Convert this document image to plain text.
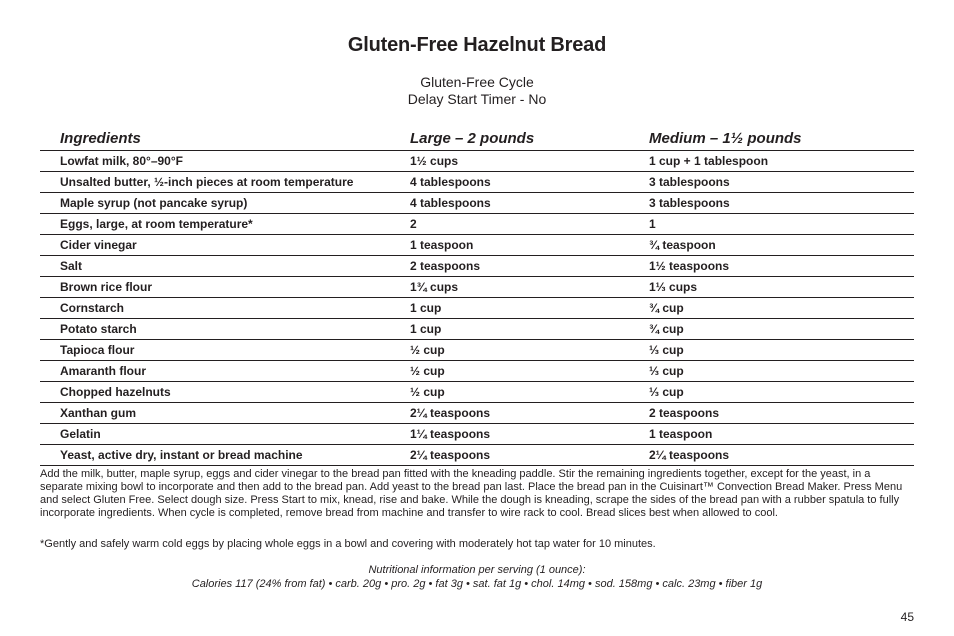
Gluten-Free Hazelnut Bread
Gluten-Free Cycle
Delay Start Timer - No
Ingredients	Large – 2 pounds	Medium – 1½ pounds
Lowfat milk, 80°–90°F	1½ cups	1 cup + 1 tablespoon
Unsalted butter, ½-inch pieces at room temperature	4 tablespoons	3 tablespoons
Maple syrup (not pancake syrup)	4 tablespoons	3 tablespoons
Eggs, large, at room temperature*	2	1
Cider vinegar	1 teaspoon	¾ teaspoon
Salt	2 teaspoons	1½ teaspoons
Brown rice flour	1¾ cups	1⅓ cups
Cornstarch	1 cup	¾ cup
Potato starch	1 cup	¾ cup
Tapioca flour	½ cup	⅓ cup
Amaranth flour	½ cup	⅓ cup
Chopped hazelnuts	½ cup	⅓ cup
Xanthan gum	2¼ teaspoons	2 teaspoons
Gelatin	1¼ teaspoons	1 teaspoon
Yeast, active dry, instant or bread machine	2¼ teaspoons	2¼ teaspoons
Add the milk, butter, maple syrup, eggs and cider vinegar to the bread pan fitted with the kneading paddle. Stir the remaining ingredients together, except for the yeast, in a separate mixing bowl to incorporate and then add to the bread pan. Add yeast to the bread pan last. Place the bread pan in the Cuisinart™ Convection Bread Maker. Press Menu and select Gluten Free. Select dough size. Press Start to mix, knead, rise and bake. While the dough is kneading, scrape the sides of the bread pan with a rubber spatula to fully incorporate ingredients. When cycle is completed, remove bread from machine and transfer to wire rack to cool. Bread slices best when allowed to cool.
*Gently and safely warm cold eggs by placing whole eggs in a bowl and covering with moderately hot tap water for 10 minutes.
Nutritional information per serving (1 ounce):
Calories 117 (24% from fat) • carb. 20g • pro. 2g • fat 3g • sat. fat 1g • chol. 14mg • sod. 158mg • calc. 23mg • fiber 1g
45
